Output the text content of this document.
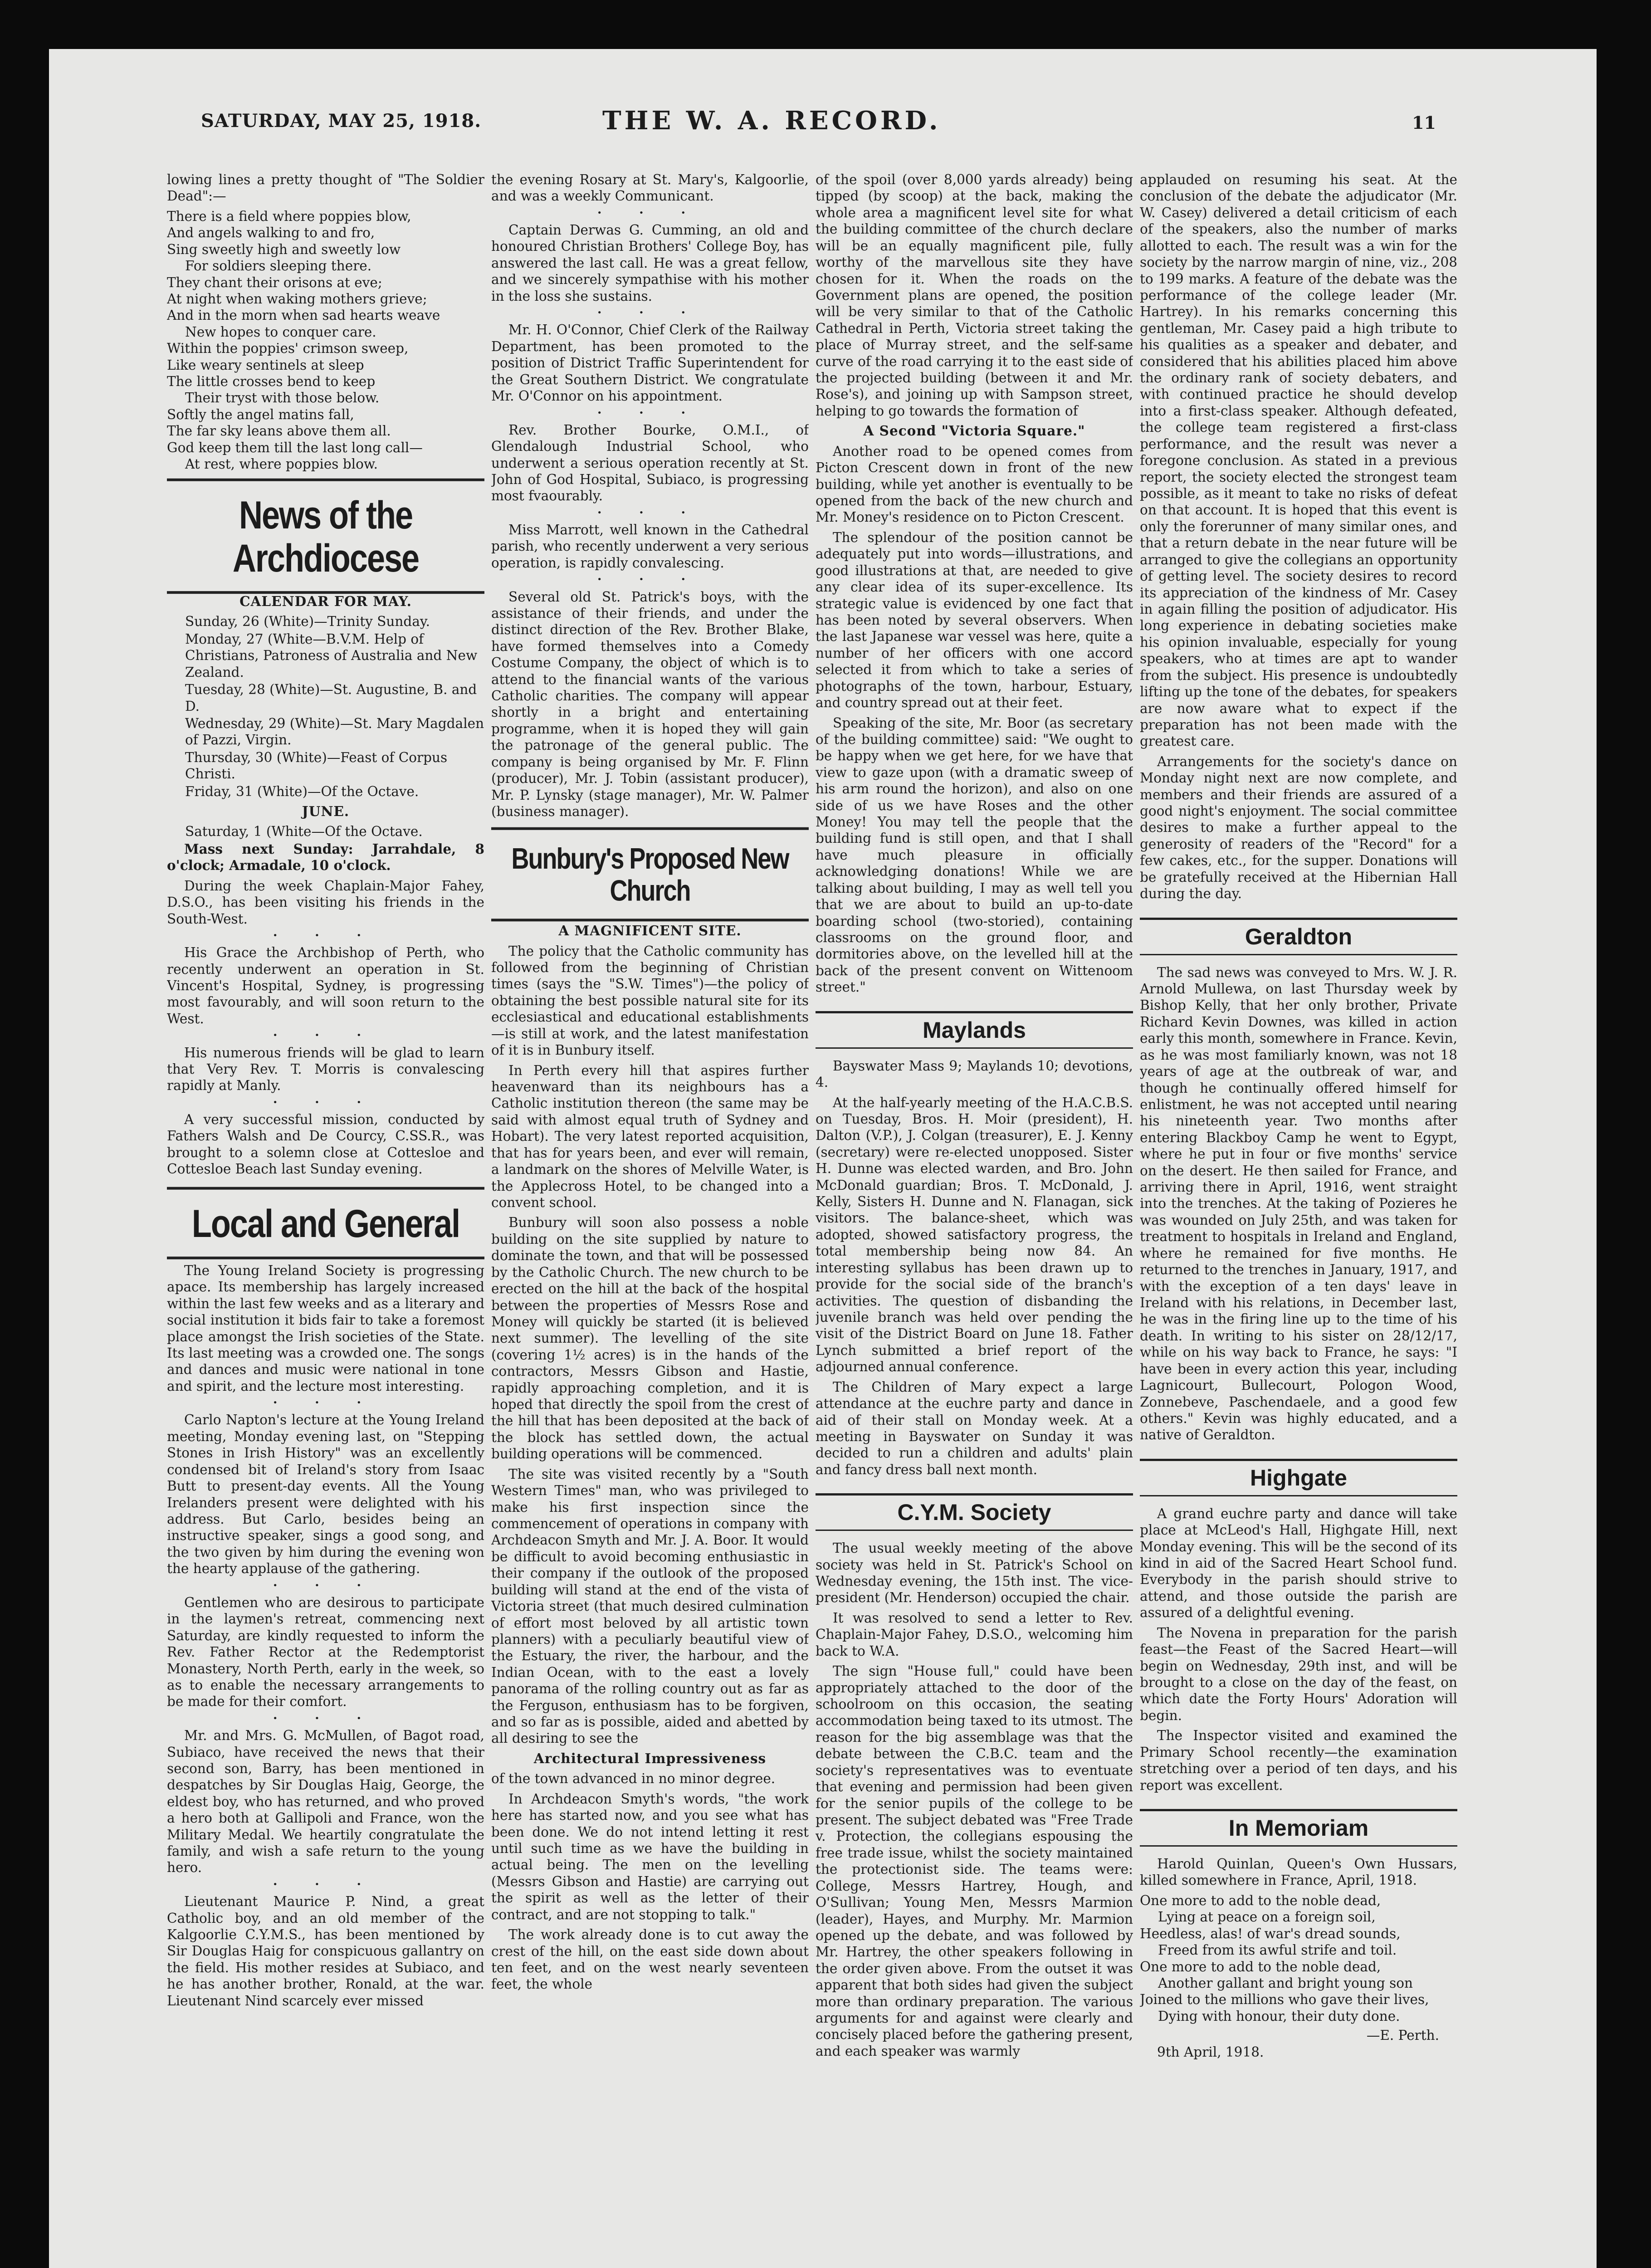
SATURDAY, MAY 25, 1918.	THE W. A. RECORD.	11

lowing lines a pretty thought of "The Soldier Dead":—

There is a field where poppies blow,
And angels walking to and fro,
Sing sweetly high and sweetly low
For soldiers sleeping there.
They chant their orisons at eve;
At night when waking mothers grieve;
And in the morn when sad hearts weave
New hopes to conquer care.
Within the poppies' crimson sweep,
Like weary sentinels at sleep
The little crosses bend to keep
Their tryst with those below.
Softly the angel matins fall,
The far sky leans above them all.
God keep them till the last long call—
At rest, where poppies blow.
News of the Archdiocese
CALENDAR FOR MAY.

Sunday, 26 (White)—Trinity Sunday.

Monday, 27 (White—B.V.M. Help of Christians, Patroness of Australia and New Zealand.

Tuesday, 28 (White)—St. Augustine, B. and D.

Wednesday, 29 (White)—St. Mary Magdalen of Pazzi, Virgin.

Thursday, 30 (White)—Feast of Corpus Christi.

Friday, 31 (White)—Of the Octave.

JUNE.

Saturday, 1 (White—Of the Octave.

Mass next Sunday: Jarrahdale, 8 o'clock; Armadale, 10 o'clock.

During the week Chaplain-Major Fahey, D.S.O., has been visiting his friends in the South-West.

• • •

His Grace the Archbishop of Perth, who recently underwent an operation in St. Vincent's Hospital, Sydney, is progressing most favourably, and will soon return to the West.

• • •

His numerous friends will be glad to learn that Very Rev. T. Morris is convalescing rapidly at Manly.

• • •

A very successful mission, conducted by Fathers Walsh and De Courcy, C.SS.R., was brought to a solemn close at Cottesloe and Cottesloe Beach last Sunday evening.

Local and General

The Young Ireland Society is progressing apace. Its membership has largely increased within the last few weeks and as a literary and social institution it bids fair to take a foremost place amongst the Irish societies of the State. Its last meeting was a crowded one. The songs and dances and music were national in tone and spirit, and the lecture most interesting.

• • •

Carlo Napton's lecture at the Young Ireland meeting, Monday evening last, on "Stepping Stones in Irish History" was an excellently condensed bit of Ireland's story from Isaac Butt to present-day events. All the Young Irelanders present were delighted with his address. But Carlo, besides being an instructive speaker, sings a good song, and the two given by him during the evening won the hearty applause of the gathering.

• • •

Gentlemen who are desirous to participate in the laymen's retreat, commencing next Saturday, are kindly requested to inform the Rev. Father Rector at the Redemptorist Monastery, North Perth, early in the week, so as to enable the necessary arrangements to be made for their comfort.

• • •

Mr. and Mrs. G. McMullen, of Bagot road, Subiaco, have received the news that their second son, Barry, has been mentioned in despatches by Sir Douglas Haig, George, the eldest boy, who has returned, and who proved a hero both at Gallipoli and France, won the Military Medal. We heartily congratulate the family, and wish a safe return to the young hero.

• • •

Lieutenant Maurice P. Nind, a great Catholic boy, and an old member of the Kalgoorlie C.Y.M.S., has been mentioned by Sir Douglas Haig for conspicuous gallantry on the field. His mother resides at Subiaco, and he has another brother, Ronald, at the war. Lieutenant Nind scarcely ever missed

the evening Rosary at St. Mary's, Kalgoorlie, and was a weekly Communicant.

• • •

Captain Derwas G. Cumming, an old and honoured Christian Brothers' College Boy, has answered the last call. He was a great fellow, and we sincerely sympathise with his mother in the loss she sustains.

• • •

Mr. H. O'Connor, Chief Clerk of the Railway Department, has been promoted to the position of District Traffic Superintendent for the Great Southern District. We congratulate Mr. O'Connor on his appointment.

• • •

Rev. Brother Bourke, O.M.I., of Glendalough Industrial School, who underwent a serious operation recently at St. John of God Hospital, Subiaco, is progressing most fvaourably.

• • •

Miss Marrott, well known in the Cathedral parish, who recently underwent a very serious operation, is rapidly convalescing.

• • •

Several old St. Patrick's boys, with the assistance of their friends, and under the distinct direction of the Rev. Brother Blake, have formed themselves into a Comedy Costume Company, the object of which is to attend to the financial wants of the various Catholic charities. The company will appear shortly in a bright and entertaining programme, when it is hoped they will gain the patronage of the general public. The company is being organised by Mr. F. Flinn (producer), Mr. J. Tobin (assistant producer), Mr. P. Lynsky (stage manager), Mr. W. Palmer (business manager).

Bunbury's Proposed New Church
A MAGNIFICENT SITE.

The policy that the Catholic community has followed from the beginning of Christian times (says the "S.W. Times")—the policy of obtaining the best possible natural site for its ecclesiastical and educational establishments—is still at work, and the latest manifestation of it is in Bunbury itself.

In Perth every hill that aspires further heavenward than its neighbours has a Catholic institution thereon (the same may be said with almost equal truth of Sydney and Hobart). The very latest reported acquisition, that has for years been, and ever will remain, a landmark on the shores of Melville Water, is the Applecross Hotel, to be changed into a convent school.

Bunbury will soon also possess a noble building on the site supplied by nature to dominate the town, and that will be possessed by the Catholic Church. The new church to be erected on the hill at the back of the hospital between the properties of Messrs Rose and Money will quickly be started (it is believed next summer). The levelling of the site (covering 1½ acres) is in the hands of the contractors, Messrs Gibson and Hastie, rapidly approaching completion, and it is hoped that directly the spoil from the crest of the hill that has been deposited at the back of the block has settled down, the actual building operations will be commenced.

The site was visited recently by a "South Western Times" man, who was privileged to make his first inspection since the commencement of operations in company with Archdeacon Smyth and Mr. J. A. Boor. It would be difficult to avoid becoming enthusiastic in their company if the outlook of the proposed building will stand at the end of the vista of Victoria street (that much desired culmination of effort most beloved by all artistic town planners) with a peculiarly beautiful view of the Estuary, the river, the harbour, and the Indian Ocean, with to the east a lovely panorama of the rolling country out as far as the Ferguson, enthusiasm has to be forgiven, and so far as is possible, aided and abetted by all desiring to see the

Architectural Impressiveness

of the town advanced in no minor degree.

In Archdeacon Smyth's words, "the work here has started now, and you see what has been done. We do not intend letting it rest until such time as we have the building in actual being. The men on the levelling (Messrs Gibson and Hastie) are carrying out the spirit as well as the letter of their contract, and are not stopping to talk."

The work already done is to cut away the crest of the hill, on the east side down about ten feet, and on the west nearly seventeen feet, the whole

of the spoil (over 8,000 yards already) being tipped (by scoop) at the back, making the whole area a magnificent level site for what the building committee of the church declare will be an equally magnificent pile, fully worthy of the marvellous site they have chosen for it. When the roads on the Government plans are opened, the position will be very similar to that of the Catholic Cathedral in Perth, Victoria street taking the place of Murray street, and the self-same curve of the road carrying it to the east side of the projected building (between it and Mr. Rose's), and joining up with Sampson street, helping to go towards the formation of

A Second "Victoria Square."

Another road to be opened comes from Picton Crescent down in front of the new building, while yet another is eventually to be opened from the back of the new church and Mr. Money's residence on to Picton Crescent.

The splendour of the position cannot be adequately put into words—illustrations, and good illustrations at that, are needed to give any clear idea of its super-excellence. Its strategic value is evidenced by one fact that has been noted by several observers. When the last Japanese war vessel was here, quite a number of her officers with one accord selected it from which to take a series of photographs of the town, harbour, Estuary, and country spread out at their feet.

Speaking of the site, Mr. Boor (as secretary of the building committee) said: "We ought to be happy when we get here, for we have that view to gaze upon (with a dramatic sweep of his arm round the horizon), and also on one side of us we have Roses and the other Money! You may tell the people that the building fund is still open, and that I shall have much pleasure in officially acknowledging donations! While we are talking about building, I may as well tell you that we are about to build an up-to-date boarding school (two-storied), containing classrooms on the ground floor, and dormitories above, on the levelled hill at the back of the present convent on Wittenoom street."

Maylands

Bayswater Mass 9; Maylands 10; devotions, 4.

At the half-yearly meeting of the H.A.C.B.S. on Tuesday, Bros. H. Moir (president), H. Dalton (V.P.), J. Colgan (treasurer), E. J. Kenny (secretary) were re-elected unopposed. Sister H. Dunne was elected warden, and Bro. John McDonald guardian; Bros. T. McDonald, J. Kelly, Sisters H. Dunne and N. Flanagan, sick visitors. The balance-sheet, which was adopted, showed satisfactory progress, the total membership being now 84. An interesting syllabus has been drawn up to provide for the social side of the branch's activities. The question of disbanding the juvenile branch was held over pending the visit of the District Board on June 18. Father Lynch submitted a brief report of the adjourned annual conference.

The Children of Mary expect a large attendance at the euchre party and dance in aid of their stall on Monday week. At a meeting in Bayswater on Sunday it was decided to run a children and adults' plain and fancy dress ball next month.

C.Y.M. Society

The usual weekly meeting of the above society was held in St. Patrick's School on Wednesday evening, the 15th inst. The vice-president (Mr. Henderson) occupied the chair.

It was resolved to send a letter to Rev. Chaplain-Major Fahey, D.S.O., welcoming him back to W.A.

The sign "House full," could have been appropriately attached to the door of the schoolroom on this occasion, the seating accommodation being taxed to its utmost. The reason for the big assemblage was that the debate between the C.B.C. team and the society's representatives was to eventuate that evening and permission had been given for the senior pupils of the college to be present. The subject debated was "Free Trade v. Protection, the collegians espousing the free trade issue, whilst the society maintained the protectionist side. The teams were: College, Messrs Hartrey, Hough, and O'Sullivan; Young Men, Messrs Marmion (leader), Hayes, and Murphy. Mr. Marmion opened up the debate, and was followed by Mr. Hartrey, the other speakers following in the order given above. From the outset it was apparent that both sides had given the subject more than ordinary preparation. The various arguments for and against were clearly and concisely placed before the gathering present, and each speaker was warmly

applauded on resuming his seat. At the conclusion of the debate the adjudicator (Mr. W. Casey) delivered a detail criticism of each of the speakers, also the number of marks allotted to each. The result was a win for the society by the narrow margin of nine, viz., 208 to 199 marks. A feature of the debate was the performance of the college leader (Mr. Hartrey). In his remarks concerning this gentleman, Mr. Casey paid a high tribute to his qualities as a speaker and debater, and considered that his abilities placed him above the ordinary rank of society debaters, and with continued practice he should develop into a first-class speaker. Although defeated, the college team registered a first-class performance, and the result was never a foregone conclusion. As stated in a previous report, the society elected the strongest team possible, as it meant to take no risks of defeat on that account. It is hoped that this event is only the forerunner of many similar ones, and that a return debate in the near future will be arranged to give the collegians an opportunity of getting level. The society desires to record its appreciation of the kindness of Mr. Casey in again filling the position of adjudicator. His long experience in debating societies make his opinion invaluable, especially for young speakers, who at times are apt to wander from the subject. His presence is undoubtedly lifting up the tone of the debates, for speakers are now aware what to expect if the preparation has not been made with the greatest care.

Arrangements for the society's dance on Monday night next are now complete, and members and their friends are assured of a good night's enjoyment. The social committee desires to make a further appeal to the generosity of readers of the "Record" for a few cakes, etc., for the supper. Donations will be gratefully received at the Hibernian Hall during the day.

Geraldton

The sad news was conveyed to Mrs. W. J. R. Arnold Mullewa, on last Thursday week by Bishop Kelly, that her only brother, Private Richard Kevin Downes, was killed in action early this month, somewhere in France. Kevin, as he was most familiarly known, was not 18 years of age at the outbreak of war, and though he continually offered himself for enlistment, he was not accepted until nearing his nineteenth year. Two months after entering Blackboy Camp he went to Egypt, where he put in four or five months' service on the desert. He then sailed for France, and arriving there in April, 1916, went straight into the trenches. At the taking of Pozieres he was wounded on July 25th, and was taken for treatment to hospitals in Ireland and England, where he remained for five months. He returned to the trenches in January, 1917, and with the exception of a ten days' leave in Ireland with his relations, in December last, he was in the firing line up to the time of his death. In writing to his sister on 28/12/17, while on his way back to France, he says: "I have been in every action this year, including Lagnicourt, Bullecourt, Pologon Wood, Zonnebeve, Paschendaele, and a good few others." Kevin was highly educated, and a native of Geraldton.

Highgate

A grand euchre party and dance will take place at McLeod's Hall, Highgate Hill, next Monday evening. This will be the second of its kind in aid of the Sacred Heart School fund. Everybody in the parish should strive to attend, and those outside the parish are assured of a delightful evening.

The Novena in preparation for the parish feast—the Feast of the Sacred Heart—will begin on Wednesday, 29th inst, and will be brought to a close on the day of the feast, on which date the Forty Hours' Adoration will begin.

The Inspector visited and examined the Primary School recently—the examination stretching over a period of ten days, and his report was excellent.

In Memoriam

Harold Quinlan, Queen's Own Hussars, killed somewhere in France, April, 1918.

One more to add to the noble dead,
Lying at peace on a foreign soil,
Heedless, alas! of war's dread sounds,
Freed from its awful strife and toil.
One more to add to the noble dead,
Another gallant and bright young son
Joined to the millions who gave their lives,
Dying with honour, their duty done.
—E. Perth.

9th April, 1918.
